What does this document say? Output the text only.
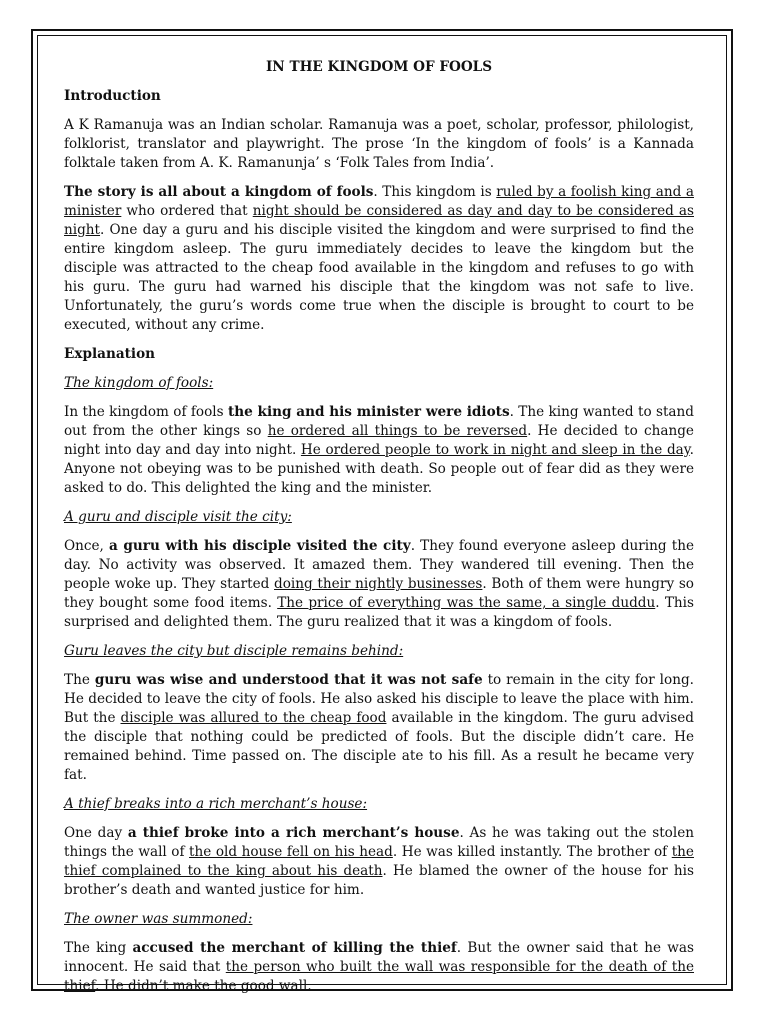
IN THE KINGDOM OF FOOLS
Introduction

A K Ramanuja was an Indian scholar. Ramanuja was a poet, scholar, professor, philologist, folklorist, translator and playwright. The prose ‘In the kingdom of fools’ is a Kannada folktale taken from A. K. Ramanunja’ s ‘Folk Tales from India’.

The story is all about a kingdom of fools. This kingdom is ruled by a foolish king and a minister who ordered that night should be considered as day and day to be considered as night. One day a guru and his disciple visited the kingdom and were surprised to find the entire kingdom asleep. The guru immediately decides to leave the kingdom but the disciple was attracted to the cheap food available in the kingdom and refuses to go with his guru. The guru had warned his disciple that the kingdom was not safe to live. Unfortunately, the guru’s words come true when the disciple is brought to court to be executed, without any crime.

Explanation
The kingdom of fools:

In the kingdom of fools the king and his minister were idiots. The king wanted to stand out from the other kings so he ordered all things to be reversed. He decided to change night into day and day into night. He ordered people to work in night and sleep in the day. Anyone not obeying was to be punished with death. So people out of fear did as they were asked to do. This delighted the king and the minister.

A guru and disciple visit the city:

Once, a guru with his disciple visited the city. They found everyone asleep during the day. No activity was observed. It amazed them. They wandered till evening. Then the people woke up. They started doing their nightly businesses. Both of them were hungry so they bought some food items. The price of everything was the same, a single duddu. This surprised and delighted them. The guru realized that it was a kingdom of fools.

Guru leaves the city but disciple remains behind:

The guru was wise and understood that it was not safe to remain in the city for long. He decided to leave the city of fools. He also asked his disciple to leave the place with him. But the disciple was allured to the cheap food available in the kingdom. The guru advised the disciple that nothing could be predicted of fools. But the disciple didn’t care. He remained behind. Time passed on. The disciple ate to his fill. As a result he became very fat.

A thief breaks into a rich merchant’s house:

One day a thief broke into a rich merchant’s house. As he was taking out the stolen things the wall of the old house fell on his head. He was killed instantly. The brother of the thief complained to the king about his death. He blamed the owner of the house for his brother’s death and wanted justice for him.

The owner was summoned:

The king accused the merchant of killing the thief. But the owner said that he was innocent. He said that the person who built the wall was responsible for the death of the thief. He didn’t make the good wall.
